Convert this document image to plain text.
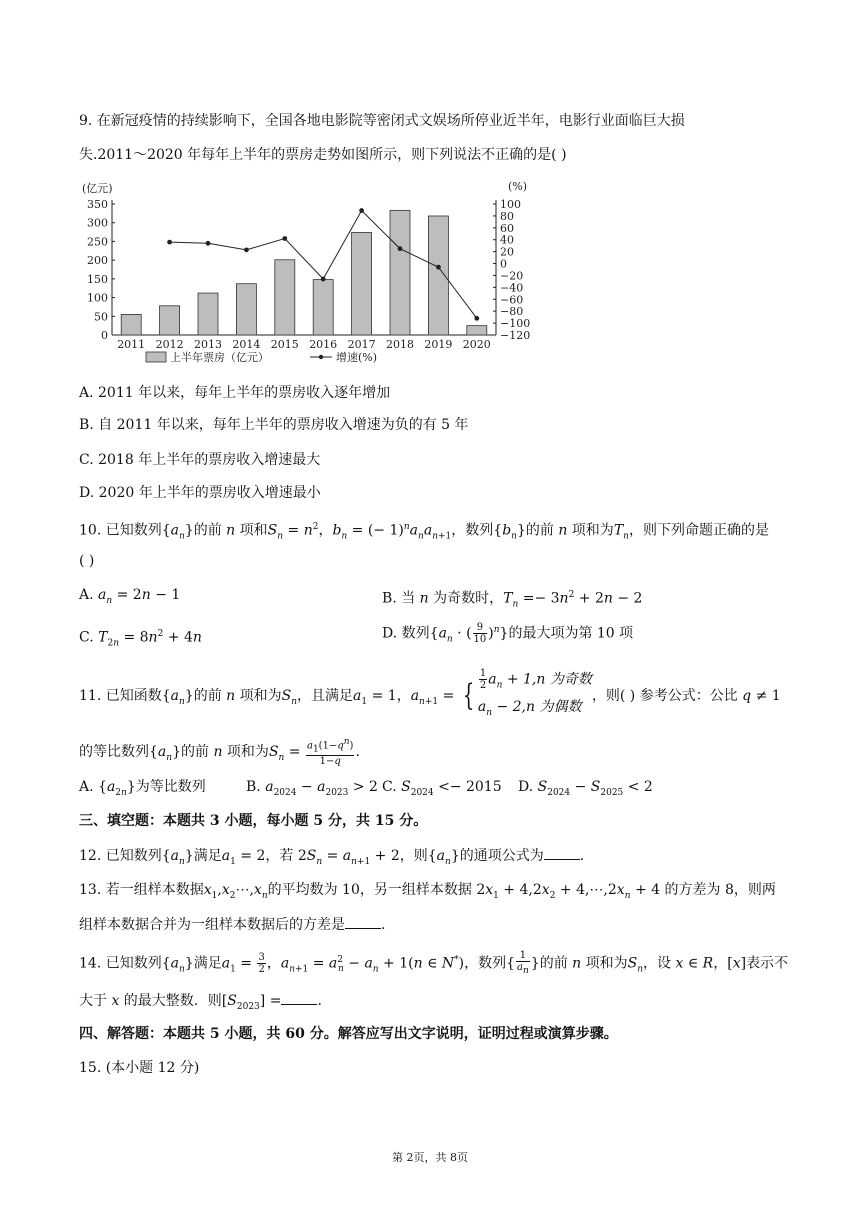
9. 在新冠疫情的持续影响下，全国各地电影院等密闭式文娱场所停业近半年，电影行业面临巨大损
失.2011～2020 年每年上半年的票房走势如图所示，则下列说法不正确的是( )
(亿元)	(%)
0
50
100
150
200
250
300
350
−120
−100
−80
−60
−40
−20
0
20
40
60
80
100
2011 2012 2013 2014 2015 2016 2017 2018 2019 2020
上半年票房（亿元）	增速(%)
A. 2011 年以来，每年上半年的票房收入逐年增加
B. 自 2011 年以来，每年上半年的票房收入增速为负的有 5 年
C. 2018 年上半年的票房收入增速最大
D. 2020 年上半年的票房收入增速最小
10. 已知数列$\{a_n\}$的前 n 项和$S_n = n^2$，$b_n$ = (− $1)^na_na_{n+1}$，数列$\{b_n\}$的前 n 项和为$T_n$，则下列命题正确的是
( )
A. $a_n = 2n - 1$	B. 当 n 为奇数时，$T_n =- 3n^2 + 2n - 2$
C. $T_{2n} = 8n^2 + 4n$	D. 数列{$a_n$ · ( $\frac{9}{10} )^n$}的最大项为第 10 项
11. 已知函数$\{a_n\}$的前 n 项和为$S_n$，且满足$a_1 = 1$，$a_{n+1}$ = { $\frac{1}{2} a_n + 1,n$ 为奇数
$a_n - 2,n$ 为偶数
，则( ) 参考公式：公比 q ≠ 1
的等比数列$\{a_n\}$的前 n 项和为$S_n = \frac{a_1(1-q^n)}{1-q}$ .
A. $\{a_{2n}\}$为等比数列	B. $a_{2024} - a_{2023} > 2$ C. $S_{2024} <- 2015$ D. $S_{2024} - S_{2025} < 2$
三、填空题：本题共 3 小题，每小题 5 分，共 15 分。
12. 已知数列$\{a_n\}$满足$a_1 = 2$，若 $2S_n = a_{n+1} + 2$，则$\{a_n\}$的通项公式为	.
13. 若一组样本数据$x_1,x_2\cdots,x_n$的平均数为 10，另一组样本数据 $2x_1 + 4,2x_2$ + $4,\cdots,2x_n + 4$ 的方差为 8，则两
组样本数据合并为一组样本数据后的方差是	.
14. 已知数列$\{a_n\}$满足$a_1 = \frac{3}{2}$ ，$a_{n+1} = a^2_n - a_n + 1(n$ ∈ N*)，数列{ $\frac{1}{a_n}$ }的前 n 项和为$S_n$，设 x ∈ R，[x]表示不
大于 x 的最大整数．则$[S_{2023}]$ =	.
四、解答题：本题共 5 小题，共 60 分。解答应写出文字说明，证明过程或演算步骤。
15. (本小题 12 分)
第 2页，共 8页
